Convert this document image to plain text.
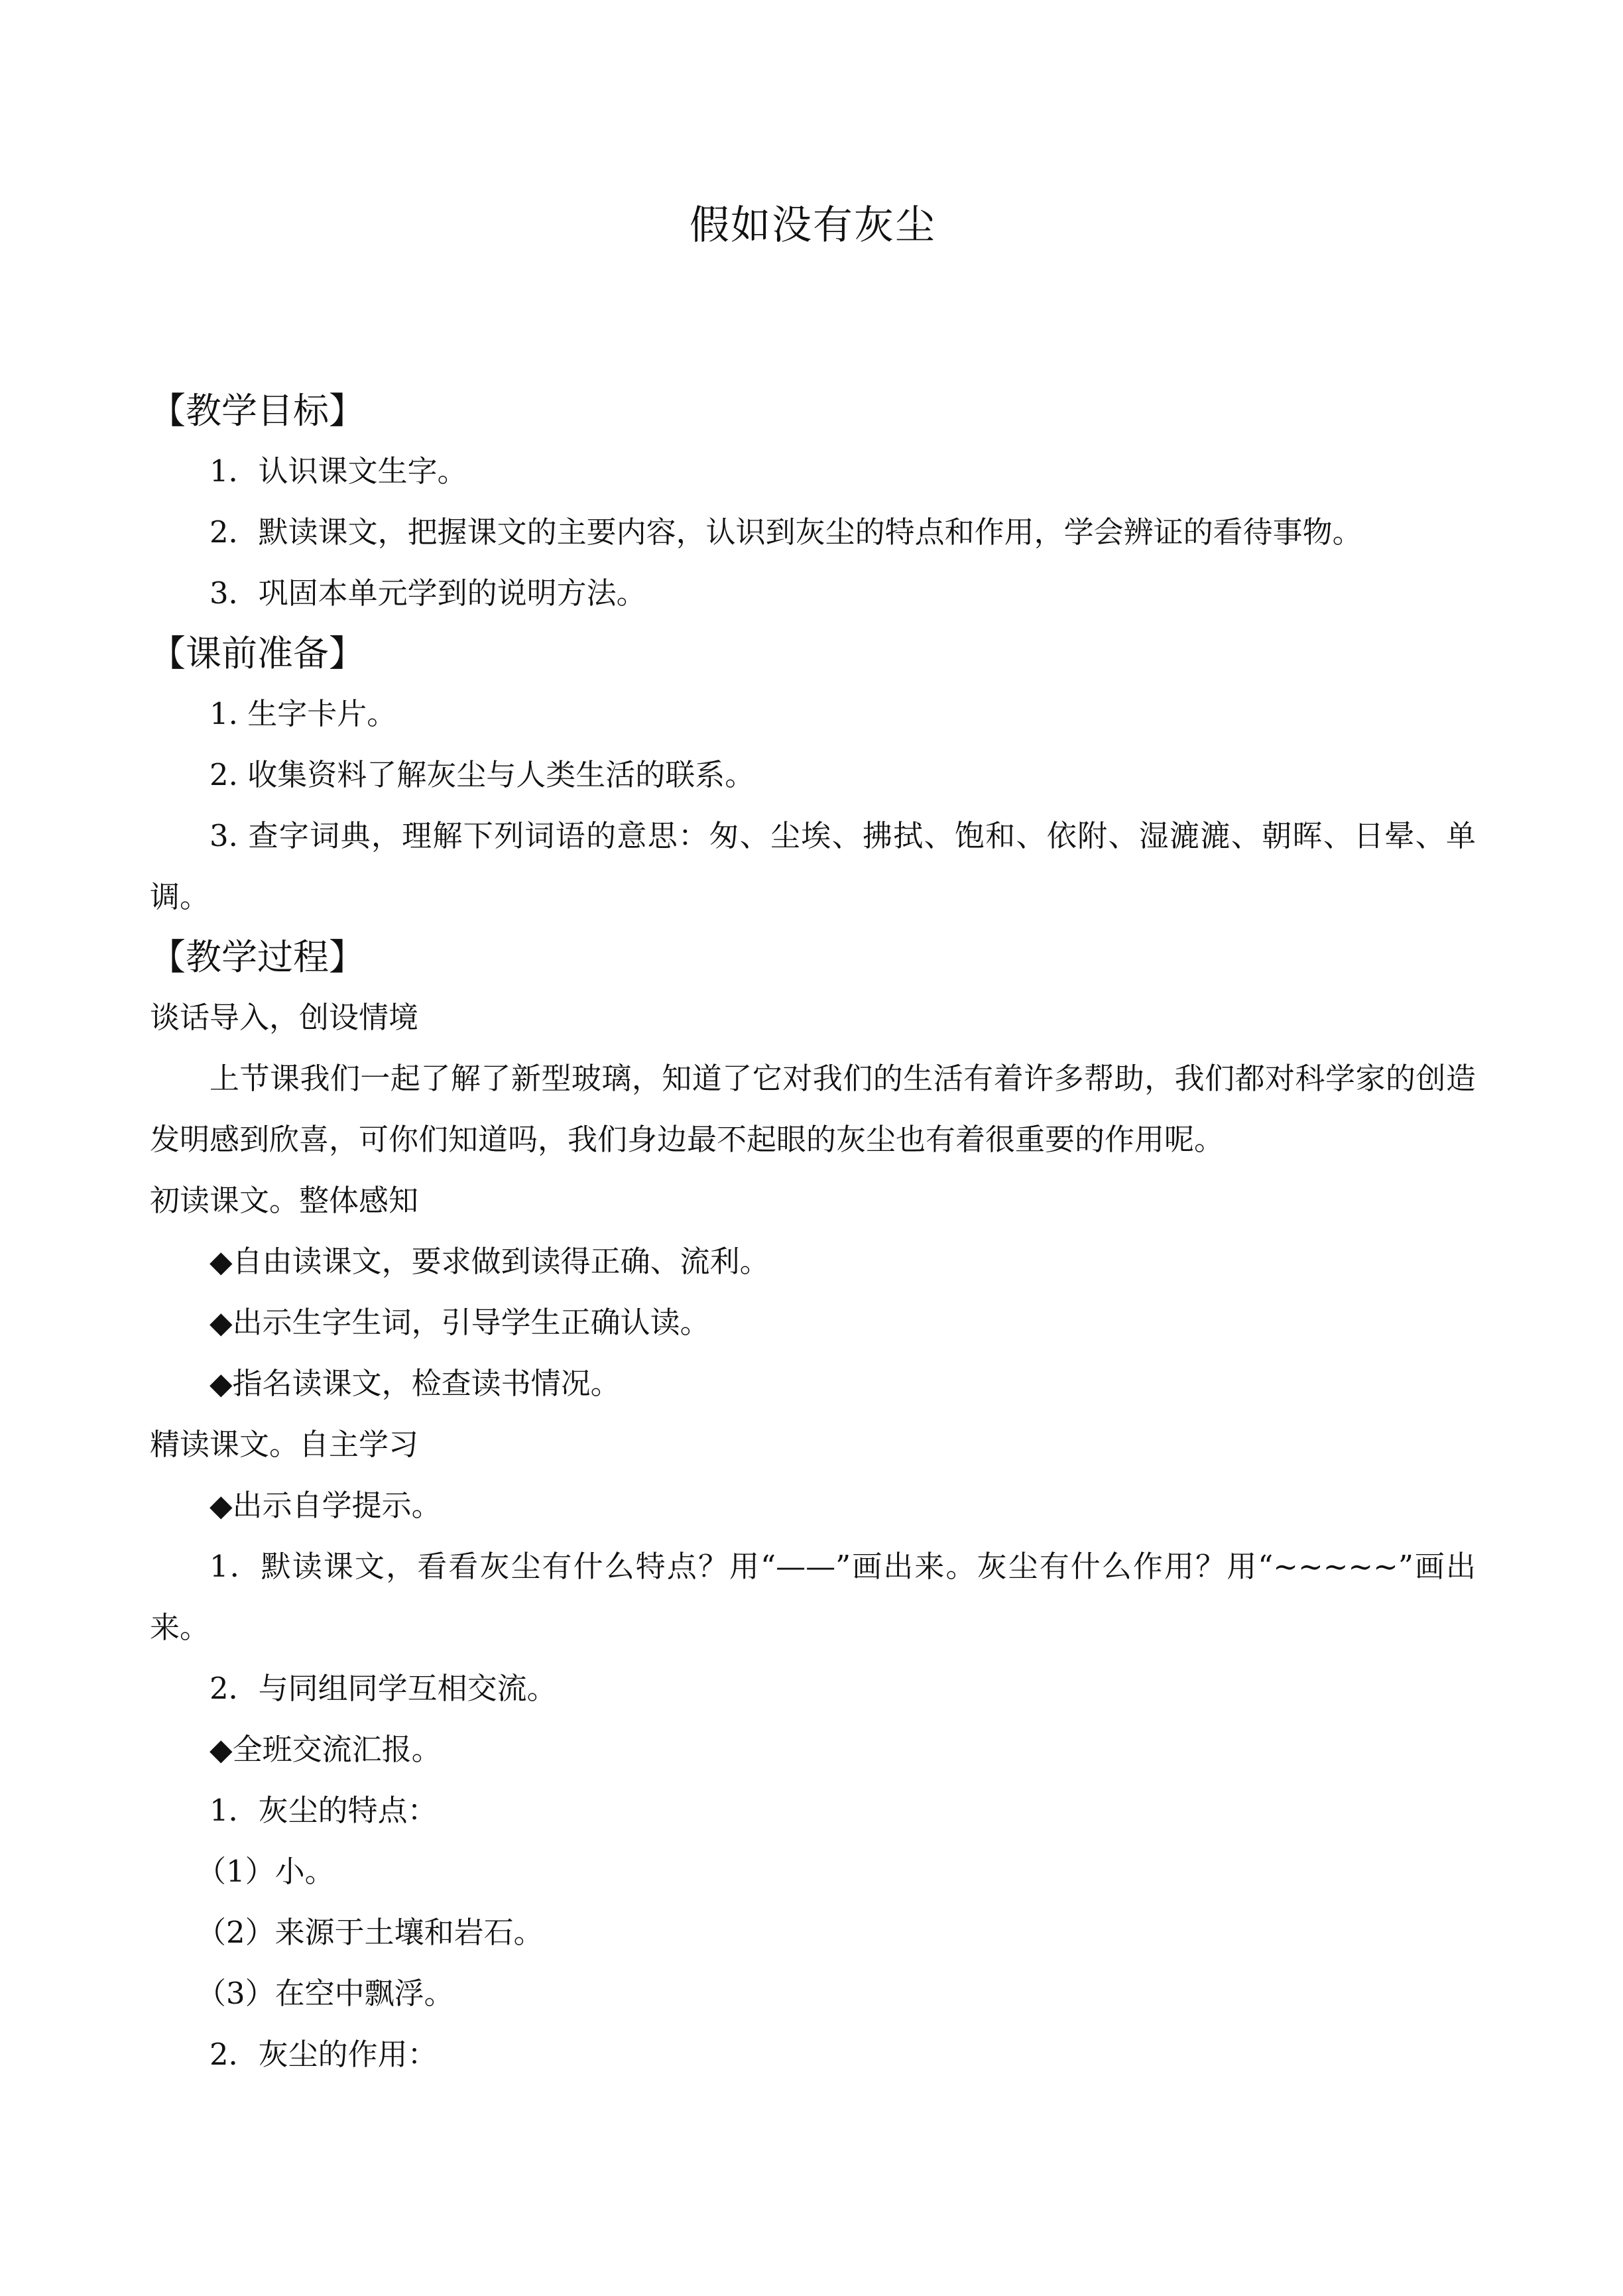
假如没有灰尘
【教学目标】
1．认识课文生字。
2．默读课文，把握课文的主要内容，认识到灰尘的特点和作用，学会辨证的看待事物。
3．巩固本单元学到的说明方法。
【课前准备】
1. 生字卡片。
2. 收集资料了解灰尘与人类生活的联系。
3. 查字词典，理解下列词语的意思：匆、尘埃、拂拭、饱和、依附、湿漉漉、朝晖、日晕、单调。
【教学过程】
谈话导入，创设情境
上节课我们一起了解了新型玻璃，知道了它对我们的生活有着许多帮助，我们都对科学家的创造发明感到欣喜，可你们知道吗，我们身边最不起眼的灰尘也有着很重要的作用呢。
初读课文。整体感知
◆自由读课文，要求做到读得正确、流利。
◆出示生字生词，引导学生正确认读。
◆指名读课文，检查读书情况。
精读课文。自主学习
◆出示自学提示。
1．默读课文，看看灰尘有什么特点？用“——”画出来。灰尘有什么作用？用“~~~~~”画出来。
2．与同组同学互相交流。
◆全班交流汇报。
1．灰尘的特点：
（1）小。
（2）来源于土壤和岩石。
（3）在空中飘浮。
2．灰尘的作用：
